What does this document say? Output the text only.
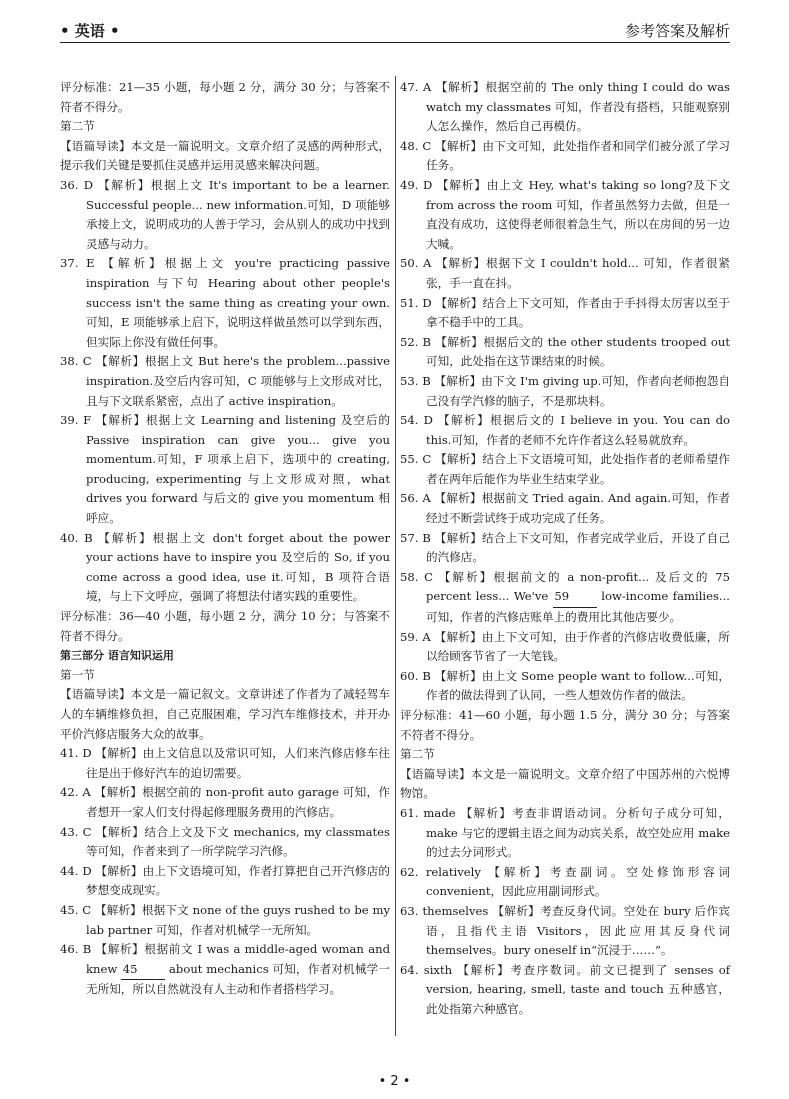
• 英语 •	参考答案及解析

评分标准：21—35 小题，每小题 2 分，满分 30 分；与答案不符者不得分。

第二节

【语篇导读】本文是一篇说明文。文章介绍了灵感的两种形式，提示我们关键是要抓住灵感并运用灵感来解决问题。

36. D 【解析】根据上文 It's important to be a learner. Successful people... new information.可知，D 项能够承接上文，说明成功的人善于学习，会从别人的成功中找到灵感与动力。

37. E 【解析】根据上文 you're practicing passive inspiration 与下句 Hearing about other people's success isn't the same thing as creating your own.可知，E 项能够承上启下，说明这样做虽然可以学到东西，但实际上你没有做任何事。

38. C 【解析】根据上文 But here's the problem...passive inspiration.及空后内容可知，C 项能够与上文形成对比，且与下文联系紧密，点出了 active inspiration。

39. F 【解析】根据上文 Learning and listening 及空后的 Passive inspiration can give you... give you momentum.可知，F 项承上启下，选项中的 creating, producing, experimenting 与上文形成对照，what drives you forward 与后文的 give you momentum 相呼应。

40. B 【解析】根据上文 don't forget about the power your actions have to inspire you 及空后的 So, if you come across a good idea, use it.可知，B 项符合语境，与上下文呼应，强调了将想法付诸实践的重要性。

评分标准：36—40 小题，每小题 2 分，满分 10 分；与答案不符者不得分。

第三部分 语言知识运用

第一节

【语篇导读】本文是一篇记叙文。文章讲述了作者为了减轻驾车人的车辆维修负担，自己克服困难，学习汽车维修技术，并开办平价汽修店服务大众的故事。

41. D 【解析】由上文信息以及常识可知，人们来汽修店修车往往是出于修好汽车的迫切需要。

42. A 【解析】根据空前的 non-profit auto garage 可知，作者想开一家人们支付得起修理服务费用的汽修店。

43. C 【解析】结合上文及下文 mechanics, my classmates 等可知，作者来到了一所学院学习汽修。

44. D 【解析】由上下文语境可知，作者打算把自己开汽修店的梦想变成现实。

45. C 【解析】根据下文 none of the guys rushed to be my lab partner 可知，作者对机械学一无所知。

46. B 【解析】根据前文 I was a middle-aged woman and knew 45 about mechanics 可知，作者对机械学一无所知，所以自然就没有人主动和作者搭档学习。

47. A 【解析】根据空前的 The only thing I could do was watch my classmates 可知，作者没有搭档，只能观察别人怎么操作，然后自己再模仿。

48. C 【解析】由下文可知，此处指作者和同学们被分派了学习任务。

49. D 【解析】由上文 Hey, what's taking so long?及下文 from across the room 可知，作者虽然努力去做，但是一直没有成功，这使得老师很着急生气，所以在房间的另一边大喊。

50. A 【解析】根据下文 I couldn't hold... 可知，作者很紧张，手一直在抖。

51. D 【解析】结合上下文可知，作者由于手抖得太厉害以至于拿不稳手中的工具。

52. B 【解析】根据后文的 the other students trooped out 可知，此处指在这节课结束的时候。

53. B 【解析】由下文 I'm giving up.可知，作者向老师抱怨自己没有学汽修的脑子，不是那块料。

54. D 【解析】根据后文的 I believe in you. You can do this.可知，作者的老师不允许作者这么轻易就放弃。

55. C 【解析】结合上下文语境可知，此处指作者的老师希望作者在两年后能作为毕业生结束学业。

56. A 【解析】根据前文 Tried again. And again.可知，作者经过不断尝试终于成功完成了任务。

57. B 【解析】结合上下文可知，作者完成学业后，开设了自己的汽修店。

58. C 【解析】根据前文的 a non-profit... 及后文的 75 percent less... We've 59 low-income families...可知，作者的汽修店账单上的费用比其他店要少。

59. A 【解析】由上下文可知，由于作者的汽修店收费低廉，所以给顾客节省了一大笔钱。

60. B 【解析】由上文 Some people want to follow...可知，作者的做法得到了认同，一些人想效仿作者的做法。

评分标准：41—60 小题，每小题 1.5 分，满分 30 分；与答案不符者不得分。

第二节

【语篇导读】本文是一篇说明文。文章介绍了中国苏州的六悦博物馆。

61. made 【解析】考查非谓语动词。分析句子成分可知，make 与它的逻辑主语之间为动宾关系，故空处应用 make 的过去分词形式。

62. relatively 【解析】考查副词。空处修饰形容词 convenient，因此应用副词形式。

63. themselves 【解析】考查反身代词。空处在 bury 后作宾语，且指代主语 Visitors，因此应用其反身代词 themselves。bury oneself in“沉浸于……”。

64. sixth 【解析】考查序数词。前文已提到了 senses of version, hearing, smell, taste and touch 五种感官，此处指第六种感官。

• 2 •
